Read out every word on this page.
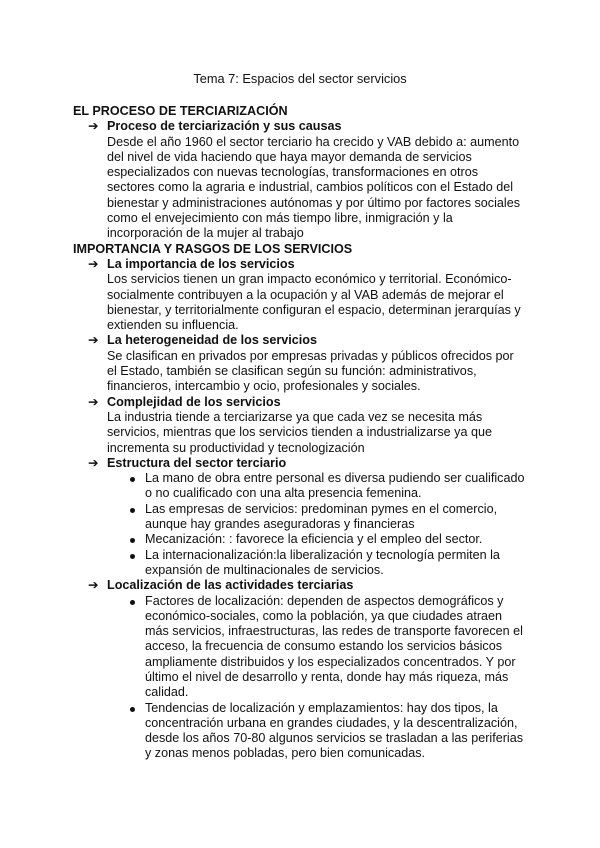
Tema 7: Espacios del sector servicios
EL PROCESO DE TERCIARIZACIÓN
➔ Proceso de terciarización y sus causas
Desde el año 1960 el sector terciario ha crecido y VAB debido a: aumento del nivel de vida haciendo que haya mayor demanda de servicios especializados con nuevas tecnologías, transformaciones en otros sectores como la agraria e industrial, cambios políticos con el Estado del bienestar y administraciones autónomas y por último por factores sociales como el envejecimiento con más tiempo libre, inmigración y la incorporación de la mujer al trabajo
IMPORTANCIA Y RASGOS DE LOS SERVICIOS
➔ La importancia de los servicios
Los servicios tienen un gran impacto económico y territorial. Económico-socialmente contribuyen a la ocupación y al VAB además de mejorar el bienestar, y territorialmente configuran el espacio, determinan jerarquías y extienden su influencia.
➔ La heterogeneidad de los servicios
Se clasifican en privados por empresas privadas y públicos ofrecidos por el Estado, también se clasifican según su función: administrativos, financieros, intercambio y ocio, profesionales y sociales.
➔ Complejidad de los servicios
La industria tiende a terciarizarse ya que cada vez se necesita más servicios, mientras que los servicios tienden a industrializarse ya que incrementa su productividad y tecnologización
➔ Estructura del sector terciario
La mano de obra entre personal es diversa pudiendo ser cualificado o no cualificado con una alta presencia femenina.
Las empresas de servicios: predominan pymes en el comercio, aunque hay grandes aseguradoras y financieras
Mecanización: : favorece la eficiencia y el empleo del sector.
La internacionalización:la liberalización y tecnología permiten la expansión de multinacionales de servicios.
➔ Localización de las actividades terciarias
Factores de localización: dependen de aspectos demográficos y económico-sociales, como la población, ya que ciudades atraen más servicios, infraestructuras, las redes de transporte favorecen el acceso, la frecuencia de consumo estando los servicios básicos ampliamente distribuidos y los especializados concentrados. Y por último el nivel de desarrollo y renta, donde hay más riqueza, más calidad.
Tendencias de localización y emplazamientos: hay dos tipos, la concentración urbana en grandes ciudades, y la descentralización, desde los años 70-80 algunos servicios se trasladan a las periferias y zonas menos pobladas, pero bien comunicadas.
